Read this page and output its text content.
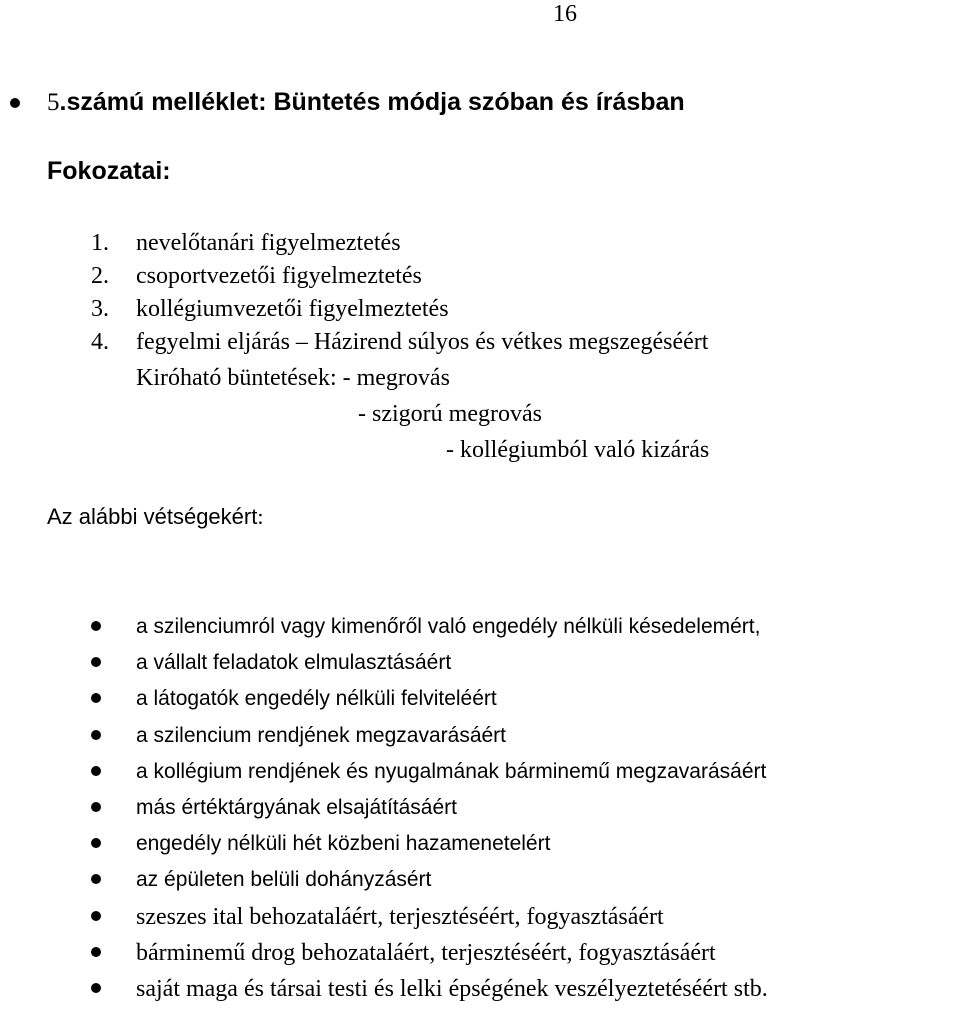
16
5.számú melléklet: Büntetés módja szóban és írásban
Fokozatai:
1. nevelőtanári figyelmeztetés
2. csoportvezetői figyelmeztetés
3. kollégiumvezetői figyelmeztetés
4. fegyelmi eljárás – Házirend súlyos és vétkes megszegéséért
Kiróható büntetések: - megrovás
- szigorú megrovás
- kollégiumból való kizárás
Az alábbi vétségekért:
a szilenciumról vagy kimenőről való engedély nélküli késedelemért,
a vállalt feladatok elmulasztásáért
a látogatók engedély nélküli felviteléért
a szilencium rendjének megzavarásáért
a kollégium rendjének és nyugalmának bárminemű megzavarásáért
más értéktárgyának elsajátításáért
engedély nélküli hét közbeni hazamenetelért
az épületen belüli dohányzásért
szeszes ital behozataláért, terjesztéséért, fogyasztásáért
bárminemű drog behozataláért, terjesztéséért, fogyasztásáért
saját maga és társai testi és lelki épségének veszélyeztetéséért stb.
